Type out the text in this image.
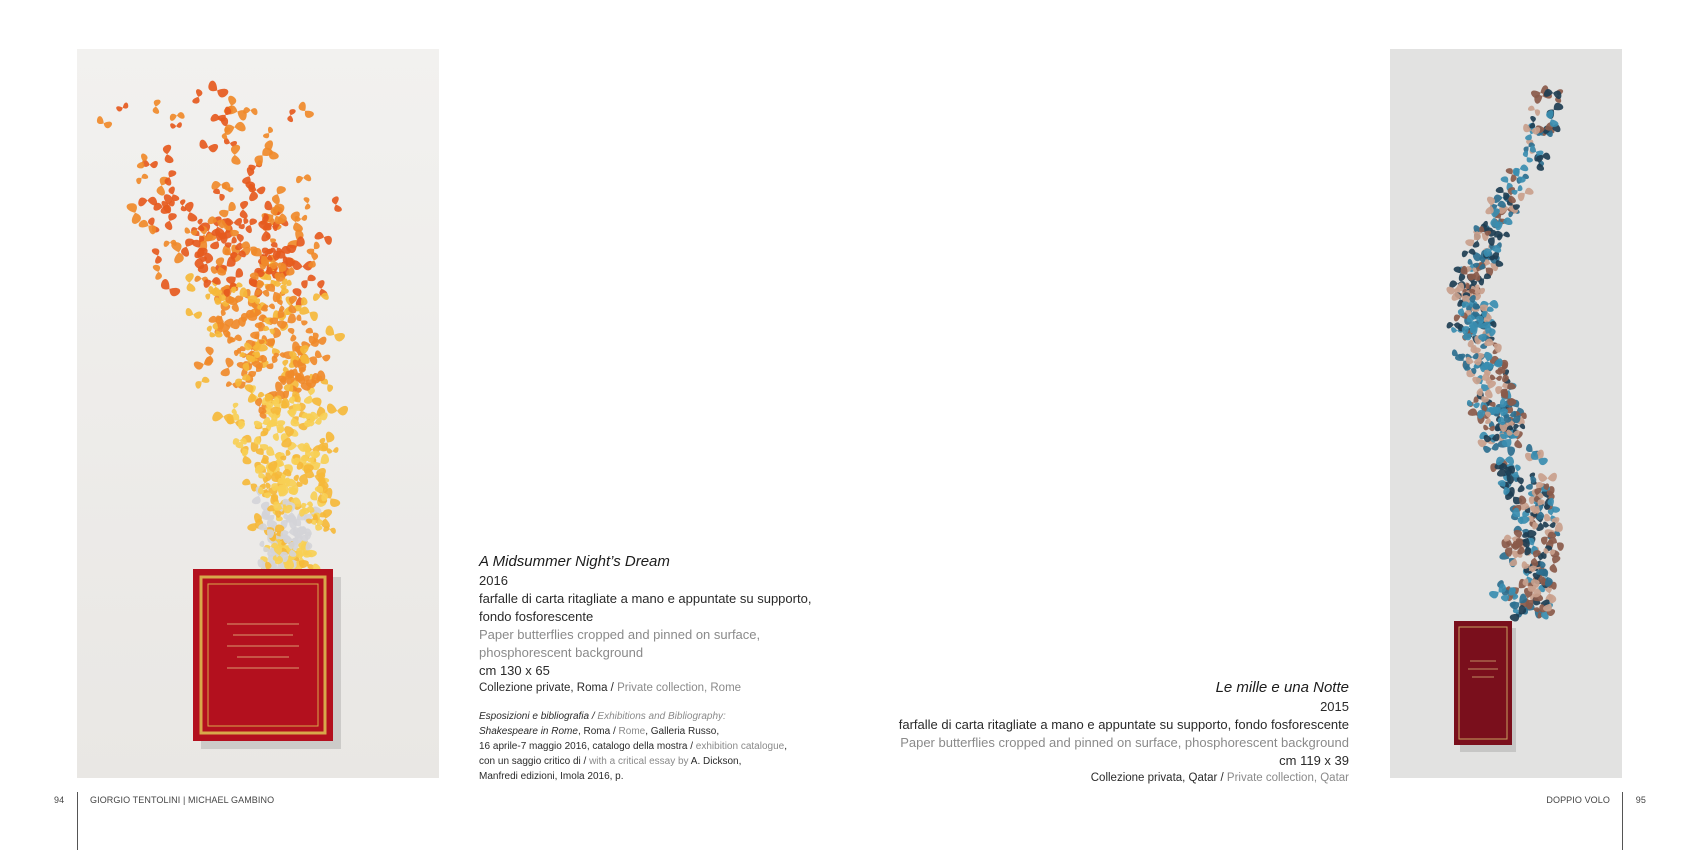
A Midsummer Night’s Dream
2016
farfalle di carta ritagliate a mano e appuntate su supporto,
fondo fosforescente
Paper butterflies cropped and pinned on surface,
phosphorescent background
cm 130 x 65
Collezione private, Roma / Private collection, Rome
Esposizioni e bibliografia / Exhibitions and Bibliography:
Shakespeare in Rome, Roma / Rome, Galleria Russo,
16 aprile-7 maggio 2016, catalogo della mostra / exhibition catalogue,
con un saggio critico di / with a critical essay by A. Dickson,
Manfredi edizioni, Imola 2016, p.
Le mille e una Notte
2015
farfalle di carta ritagliate a mano e appuntate su supporto, fondo fosforescente
Paper butterflies cropped and pinned on surface, phosphorescent background
cm 119 x 39
Collezione privata, Qatar / Private collection, Qatar
94	GIORGIO TENTOLINI | MICHAEL GAMBINO	DOPPIO VOLO	95
